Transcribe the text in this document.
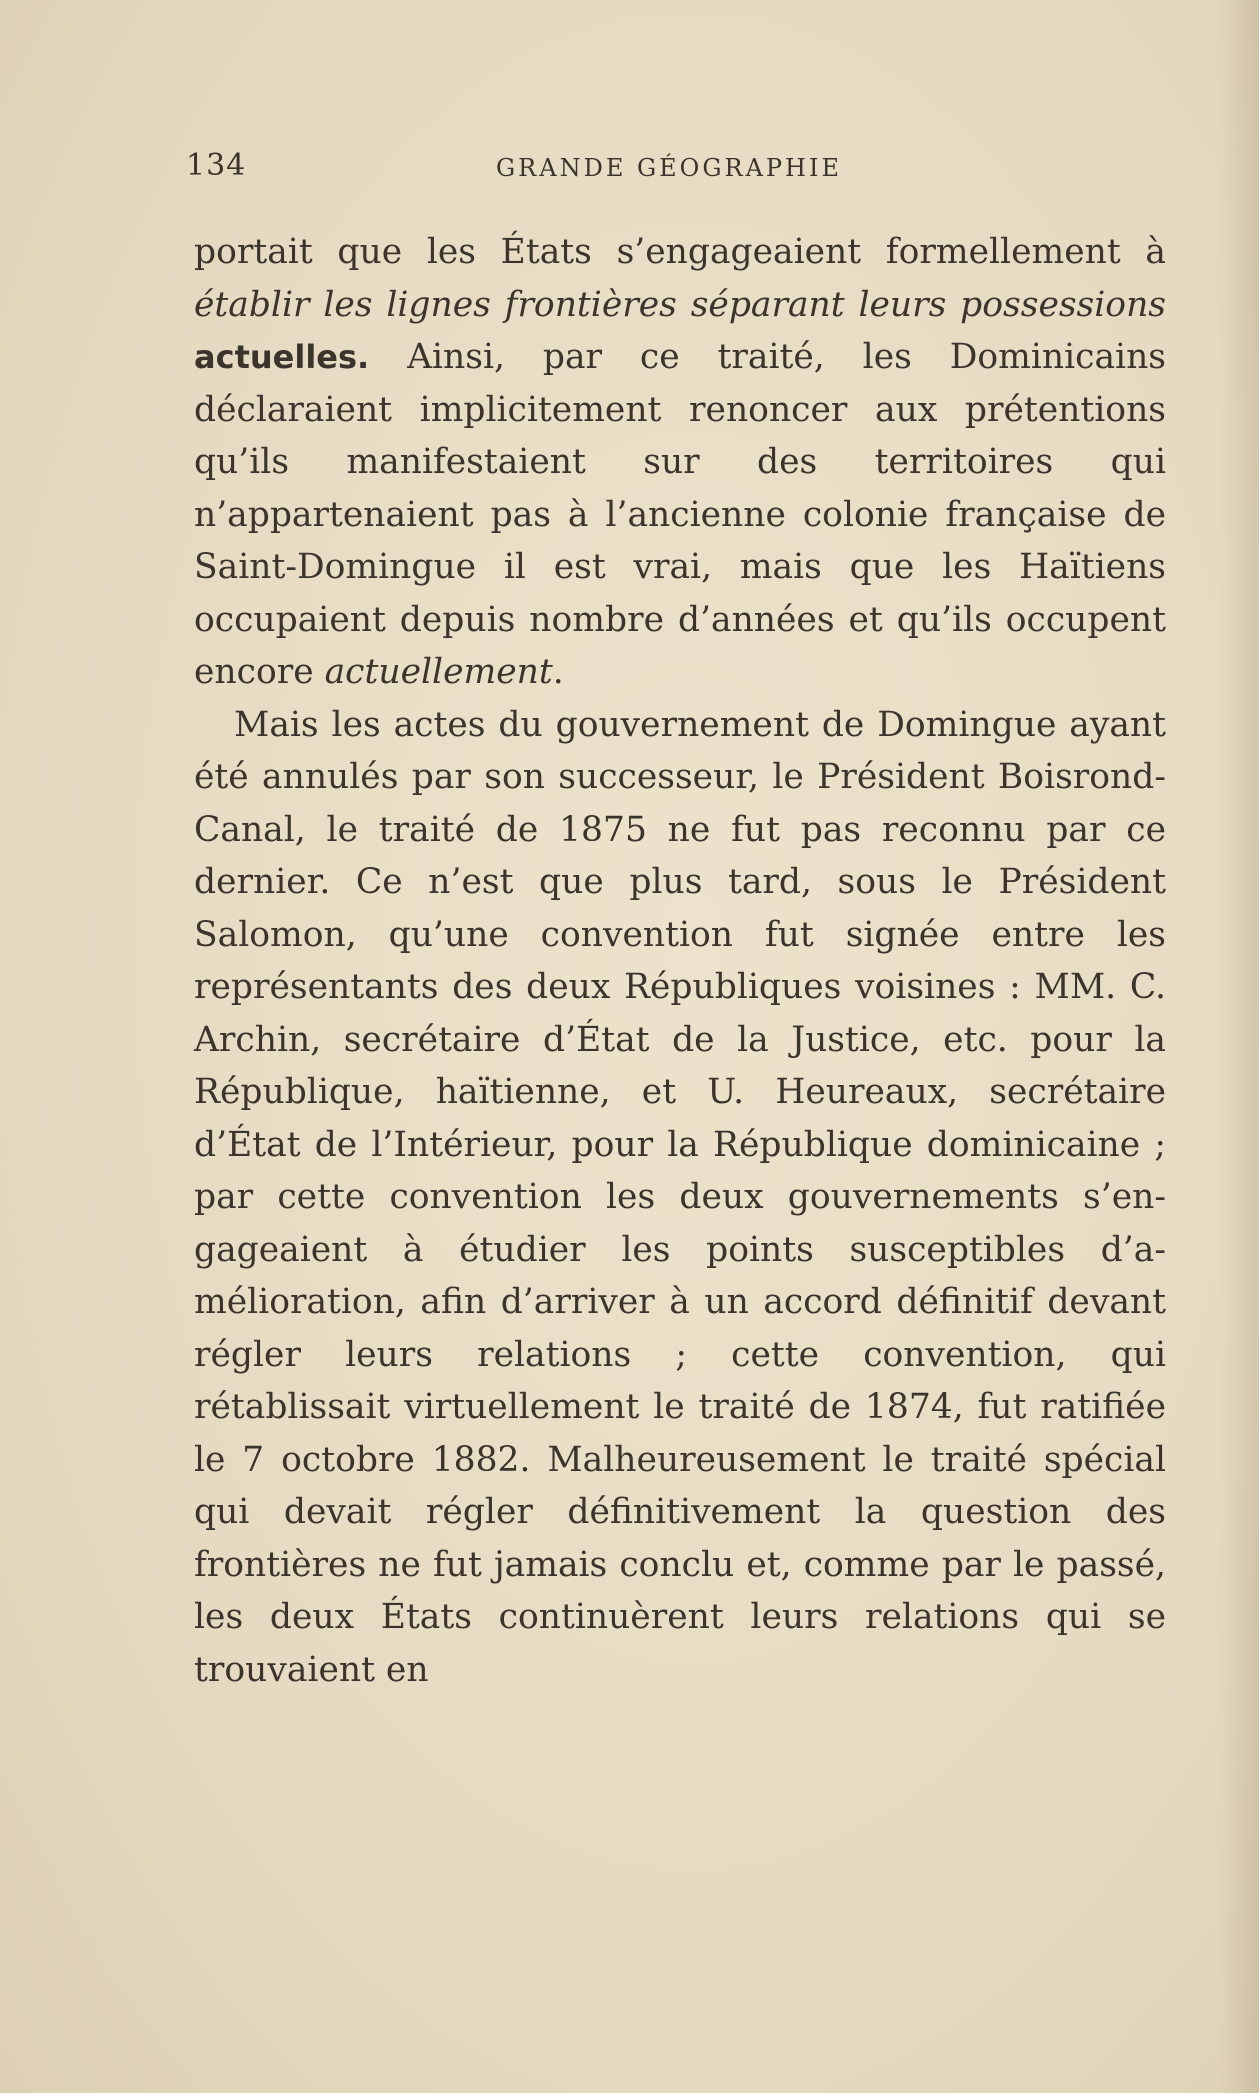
134	GRANDE GÉOGRAPHIE

portait que les États s’engageaient formellement à établir les lignes frontières séparant leurs possessions actuelles. Ainsi, par ce traité, les Dominicains déclaraient implicitement renoncer aux prétentions qu’ils manifestaient sur des territoires qui n’appartenaient pas à l’ancienne colonie française de Saint-Domingue il est vrai, mais que les Haïtiens occupaient depuis nombre d’années et qu’ils occupent encore actuellement.

Mais les actes du gouvernement de Domingue ayant été annulés par son successeur, le Président Boisrond-Canal, le traité de 1875 ne fut pas reconnu par ce dernier. Ce n’est que plus tard, sous le Président Salomon, qu’une convention fut signée entre les représentants des deux Républiques voisines : MM. C. Archin, secrétaire d’État de la Justice, etc. pour la République, haïtienne, et U. Heureaux, secrétaire d’État de l’Intérieur, pour la République dominicaine ; par cette convention les deux gouvernements s’engageaient à étudier les points susceptibles d’amélioration, afin d’arriver à un accord définitif devant régler leurs relations ; cette convention, qui rétablissait virtuellement le traité de 1874, fut ratifiée le 7 octobre 1882. Malheureusement le traité spécial qui devait régler définitivement la question des frontières ne fut jamais conclu et, comme par le passé, les deux États continuèrent leurs relations qui se trouvaient en
